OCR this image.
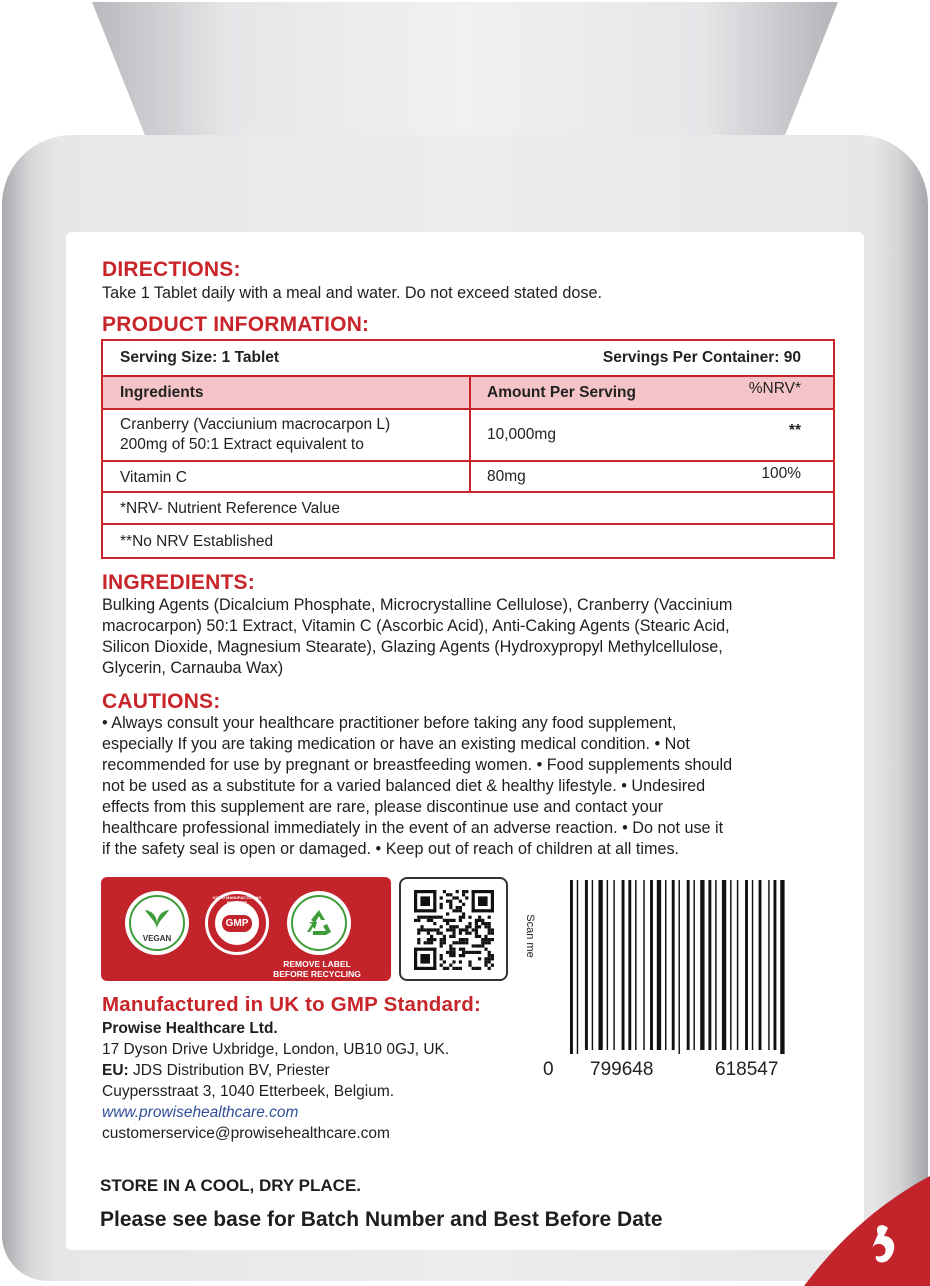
DIRECTIONS:
Take 1 Tablet daily with a meal and water. Do not exceed stated dose.
PRODUCT INFORMATION:
Serving Size: 1 Tablet	Servings Per Container: 90
Ingredients	Amount Per Serving	%NRV*
Cranberry (Vacciunium macrocarpon L)
200mg of 50:1 Extract equivalent to
10,000mg	**
Vitamin C	80mg	100%
*NRV- Nutrient Reference Value
**No NRV Established
INGREDIENTS:
Bulking Agents (Dicalcium Phosphate, Microcrystalline Cellulose), Cranberry (Vaccinium
macrocarpon) 50:1 Extract, Vitamin C (Ascorbic Acid), Anti-Caking Agents (Stearic Acid,
Silicon Dioxide, Magnesium Stearate), Glazing Agents (Hydroxypropyl Methylcellulose,
Glycerin, Carnauba Wax)
CAUTIONS:
• Always consult your healthcare practitioner before taking any food supplement,
especially If you are taking medication or have an existing medical condition. • Not
recommended for use by pregnant or breastfeeding women. • Food supplements should
not be used as a substitute for a varied balanced diet & healthy lifestyle. • Undesired
effects from this supplement are rare, please discontinue use and contact your
healthcare professional immediately in the event of an adverse reaction. • Do not use it
if the safety seal is open or damaged. • Keep out of reach of children at all times.
VEGAN
GMP
GOOD MANUFACTURING PRACTICE
REMOVE LABEL
BEFORE RECYCLING
Scan me
Manufactured in UK to GMP Standard:
Prowise Healthcare Ltd.
17 Dyson Drive Uxbridge, London, UB10 0GJ, UK.
EU: JDS Distribution BV, Priester
Cuypersstraat 3, 1040 Etterbeek, Belgium.
www.prowisehealthcare.com
customerservice@prowisehealthcare.com
0 799648	618547
STORE IN A COOL, DRY PLACE.
Please see base for Batch Number and Best Before Date
